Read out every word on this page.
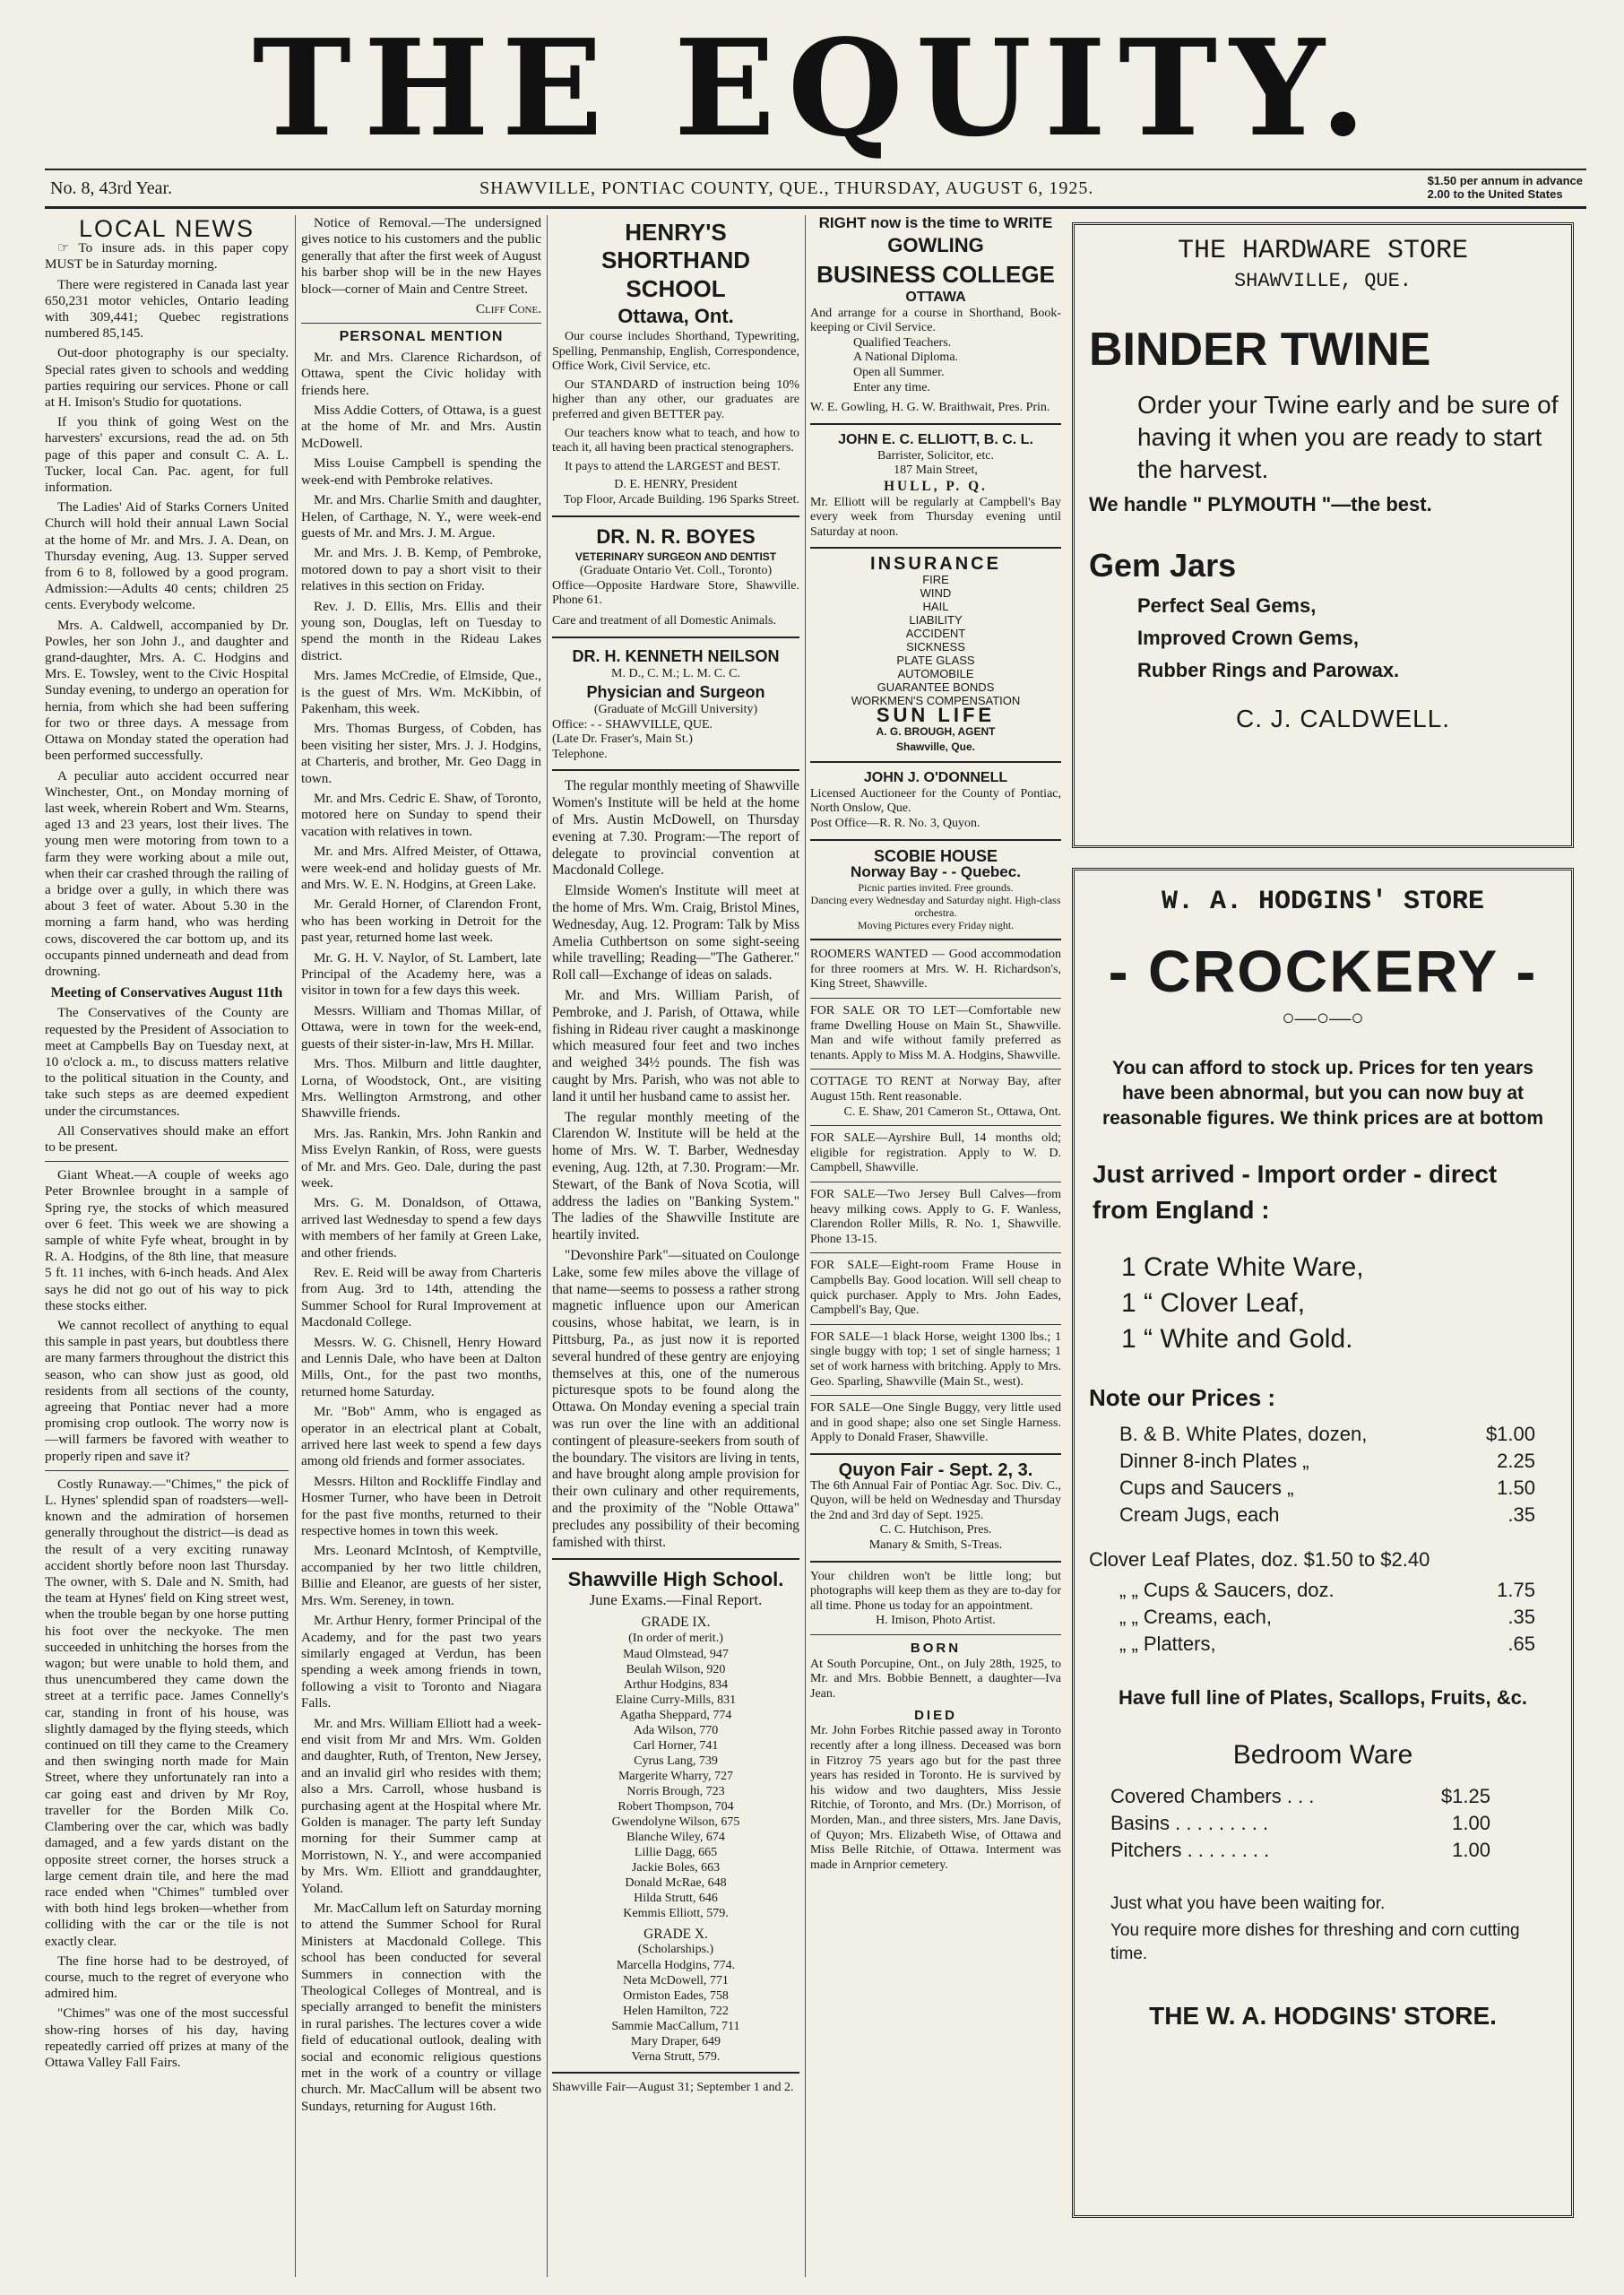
THE EQUITY.
No. 8, 43rd Year.	SHAWVILLE, PONTIAC COUNTY, QUE., THURSDAY, AUGUST 6, 1925.	$1.50 per annum in advance
2.00 to the United States
LOCAL NEWS

☞ To insure ads. in this paper copy MUST be in Saturday morning.

There were registered in Canada last year 650,231 motor vehicles, Ontario leading with 309,441; Quebec registrations numbered 85,145.

Out-door photography is our specialty. Special rates given to schools and wedding parties requiring our services. Phone or call at H. Imison's Studio for quotations.

If you think of going West on the harvesters' excursions, read the ad. on 5th page of this paper and consult C. A. L. Tucker, local Can. Pac. agent, for full information.

The Ladies' Aid of Starks Corners United Church will hold their annual Lawn Social at the home of Mr. and Mrs. J. A. Dean, on Thursday evening, Aug. 13. Supper served from 6 to 8, followed by a good program. Admission:—Adults 40 cents; children 25 cents. Everybody welcome.

Mrs. A. Caldwell, accompanied by Dr. Powles, her son John J., and daughter and grand-daughter, Mrs. A. C. Hodgins and Mrs. E. Towsley, went to the Civic Hospital Sunday evening, to undergo an operation for hernia, from which she had been suffering for two or three days. A message from Ottawa on Monday stated the operation had been performed successfully.

A peculiar auto accident occurred near Winchester, Ont., on Monday morning of last week, wherein Robert and Wm. Stearns, aged 13 and 23 years, lost their lives. The young men were motoring from town to a farm they were working about a mile out, when their car crashed through the railing of a bridge over a gully, in which there was about 3 feet of water. About 5.30 in the morning a farm hand, who was herding cows, discovered the car bottom up, and its occupants pinned underneath and dead from drowning.

Meeting of Conservatives August 11th

The Conservatives of the County are requested by the President of Association to meet at Campbells Bay on Tuesday next, at 10 o'clock a. m., to discuss matters relative to the political situation in the County, and take such steps as are deemed expedient under the circumstances.

All Conservatives should make an effort to be present.

Giant Wheat.—A couple of weeks ago Peter Brownlee brought in a sample of Spring rye, the stocks of which measured over 6 feet. This week we are showing a sample of white Fyfe wheat, brought in by R. A. Hodgins, of the 8th line, that measure 5 ft. 11 inches, with 6-inch heads. And Alex says he did not go out of his way to pick these stocks either.

We cannot recollect of anything to equal this sample in past years, but doubtless there are many farmers throughout the district this season, who can show just as good, old residents from all sections of the county, agreeing that Pontiac never had a more promising crop outlook. The worry now is—will farmers be favored with weather to properly ripen and save it?

Costly Runaway.—"Chimes," the pick of L. Hynes' splendid span of roadsters—well-known and the admiration of horsemen generally throughout the district—is dead as the result of a very exciting runaway accident shortly before noon last Thursday. The owner, with S. Dale and N. Smith, had the team at Hynes' field on King street west, when the trouble began by one horse putting his foot over the neckyoke. The men succeeded in unhitching the horses from the wagon; but were unable to hold them, and thus unencumbered they came down the street at a terrific pace. James Connelly's car, standing in front of his house, was slightly damaged by the flying steeds, which continued on till they came to the Creamery and then swinging north made for Main Street, where they unfortunately ran into a car going east and driven by Mr Roy, traveller for the Borden Milk Co. Clambering over the car, which was badly damaged, and a few yards distant on the opposite street corner, the horses struck a large cement drain tile, and here the mad race ended when "Chimes" tumbled over with both hind legs broken—whether from colliding with the car or the tile is not exactly clear.

The fine horse had to be destroyed, of course, much to the regret of everyone who admired him.

"Chimes" was one of the most successful show-ring horses of his day, having repeatedly carried off prizes at many of the Ottawa Valley Fall Fairs.

Notice of Removal.—The undersigned gives notice to his customers and the public generally that after the first week of August his barber shop will be in the new Hayes block—corner of Main and Centre Street.

Cliff Cone.
PERSONAL MENTION

Mr. and Mrs. Clarence Richardson, of Ottawa, spent the Civic holiday with friends here.

Miss Addie Cotters, of Ottawa, is a guest at the home of Mr. and Mrs. Austin McDowell.

Miss Louise Campbell is spending the week-end with Pembroke relatives.

Mr. and Mrs. Charlie Smith and daughter, Helen, of Carthage, N. Y., were week-end guests of Mr. and Mrs. J. M. Argue.

Mr. and Mrs. J. B. Kemp, of Pembroke, motored down to pay a short visit to their relatives in this section on Friday.

Rev. J. D. Ellis, Mrs. Ellis and their young son, Douglas, left on Tuesday to spend the month in the Rideau Lakes district.

Mrs. James McCredie, of Elmside, Que., is the guest of Mrs. Wm. McKibbin, of Pakenham, this week.

Mrs. Thomas Burgess, of Cobden, has been visiting her sister, Mrs. J. J. Hodgins, at Charteris, and brother, Mr. Geo Dagg in town.

Mr. and Mrs. Cedric E. Shaw, of Toronto, motored here on Sunday to spend their vacation with relatives in town.

Mr. and Mrs. Alfred Meister, of Ottawa, were week-end and holiday guests of Mr. and Mrs. W. E. N. Hodgins, at Green Lake.

Mr. Gerald Horner, of Clarendon Front, who has been working in Detroit for the past year, returned home last week.

Mr. G. H. V. Naylor, of St. Lambert, late Principal of the Academy here, was a visitor in town for a few days this week.

Messrs. William and Thomas Millar, of Ottawa, were in town for the week-end, guests of their sister-in-law, Mrs H. Millar.

Mrs. Thos. Milburn and little daughter, Lorna, of Woodstock, Ont., are visiting Mrs. Wellington Armstrong, and other Shawville friends.

Mrs. Jas. Rankin, Mrs. John Rankin and Miss Evelyn Rankin, of Ross, were guests of Mr. and Mrs. Geo. Dale, during the past week.

Mrs. G. M. Donaldson, of Ottawa, arrived last Wednesday to spend a few days with members of her family at Green Lake, and other friends.

Rev. E. Reid will be away from Charteris from Aug. 3rd to 14th, attending the Summer School for Rural Improvement at Macdonald College.

Messrs. W. G. Chisnell, Henry Howard and Lennis Dale, who have been at Dalton Mills, Ont., for the past two months, returned home Saturday.

Mr. "Bob" Amm, who is engaged as operator in an electrical plant at Cobalt, arrived here last week to spend a few days among old friends and former associates.

Messrs. Hilton and Rockliffe Findlay and Hosmer Turner, who have been in Detroit for the past five months, returned to their respective homes in town this week.

Mrs. Leonard McIntosh, of Kemptville, accompanied by her two little children, Billie and Eleanor, are guests of her sister, Mrs. Wm. Sereney, in town.

Mr. Arthur Henry, former Principal of the Academy, and for the past two years similarly engaged at Verdun, has been spending a week among friends in town, following a visit to Toronto and Niagara Falls.

Mr. and Mrs. William Elliott had a week-end visit from Mr and Mrs. Wm. Golden and daughter, Ruth, of Trenton, New Jersey, and an invalid girl who resides with them; also a Mrs. Carroll, whose husband is purchasing agent at the Hospital where Mr. Golden is manager. The party left Sunday morning for their Summer camp at Morristown, N. Y., and were accompanied by Mrs. Wm. Elliott and granddaughter, Yoland.

Mr. MacCallum left on Saturday morning to attend the Summer School for Rural Ministers at Macdonald College. This school has been conducted for several Summers in connection with the Theological Colleges of Montreal, and is specially arranged to benefit the ministers in rural parishes. The lectures cover a wide field of educational outlook, dealing with social and economic religious questions met in the work of a country or village church. Mr. MacCallum will be absent two Sundays, returning for August 16th.

HENRY'S
SHORTHAND SCHOOL
Ottawa, Ont.

Our course includes Shorthand, Typewriting, Spelling, Penmanship, English, Correspondence, Office Work, Civil Service, etc.

Our STANDARD of instruction being 10% higher than any other, our graduates are preferred and given BETTER pay.

Our teachers know what to teach, and how to teach it, all having been practical stenographers.

It pays to attend the LARGEST and BEST.

D. E. HENRY, President
Top Floor, Arcade Building. 196 Sparks Street.
DR. N. R. BOYES
VETERINARY SURGEON AND DENTIST
(Graduate Ontario Vet. Coll., Toronto)
Office—Opposite Hardware Store, Shawville. Phone 61.
Care and treatment of all Domestic Animals.
DR. H. KENNETH NEILSON
M. D., C. M.; L. M. C. C.
Physician and Surgeon
(Graduate of McGill University)
Office: - - SHAWVILLE, QUE.
(Late Dr. Fraser's, Main St.)
Telephone.

The regular monthly meeting of Shawville Women's Institute will be held at the home of Mrs. Austin McDowell, on Thursday evening at 7.30. Program:—The report of delegate to provincial convention at Macdonald College.

Elmside Women's Institute will meet at the home of Mrs. Wm. Craig, Bristol Mines, Wednesday, Aug. 12. Program: Talk by Miss Amelia Cuthbertson on some sight-seeing while travelling; Reading—"The Gatherer." Roll call—Exchange of ideas on salads.

Mr. and Mrs. William Parish, of Pembroke, and J. Parish, of Ottawa, while fishing in Rideau river caught a maskinonge which measured four feet and two inches and weighed 34½ pounds. The fish was caught by Mrs. Parish, who was not able to land it until her husband came to assist her.

The regular monthly meeting of the Clarendon W. Institute will be held at the home of Mrs. W. T. Barber, Wednesday evening, Aug. 12th, at 7.30. Program:—Mr. Stewart, of the Bank of Nova Scotia, will address the ladies on "Banking System." The ladies of the Shawville Institute are heartily invited.

"Devonshire Park"—situated on Coulonge Lake, some few miles above the village of that name—seems to possess a rather strong magnetic influence upon our American cousins, whose habitat, we learn, is in Pittsburg, Pa., as just now it is reported several hundred of these gentry are enjoying themselves at this, one of the numerous picturesque spots to be found along the Ottawa. On Monday evening a special train was run over the line with an additional contingent of pleasure-seekers from south of the boundary. The visitors are living in tents, and have brought along ample provision for their own culinary and other requirements, and the proximity of the "Noble Ottawa" precludes any possibility of their becoming famished with thirst.

Shawville High School.
June Exams.—Final Report.
GRADE IX.
(In order of merit.)
Maud Olmstead, 947
Beulah Wilson, 920
Arthur Hodgins, 834
Elaine Curry-Mills, 831
Agatha Sheppard, 774
Ada Wilson, 770
Carl Horner, 741
Cyrus Lang, 739
Margerite Wharry, 727
Norris Brough, 723
Robert Thompson, 704
Gwendolyne Wilson, 675
Blanche Wiley, 674
Lillie Dagg, 665
Jackie Boles, 663
Donald McRae, 648
Hilda Strutt, 646
Kemmis Elliott, 579.
GRADE X.
(Scholarships.)
Marcella Hodgins, 774.
Neta McDowell, 771
Ormiston Eades, 758
Helen Hamilton, 722
Sammie MacCallum, 711
Mary Draper, 649
Verna Strutt, 579.
Shawville Fair—August 31; September 1 and 2.
RIGHT now is the time to WRITE
GOWLING
BUSINESS COLLEGE
OTTAWA
And arrange for a course in Shorthand, Book-keeping or Civil Service.
Qualified Teachers.
A National Diploma.
Open all Summer.
Enter any time.
W. E. Gowling, H. G. W. Braithwait, Pres. Prin.
JOHN E. C. ELLIOTT, B. C. L.
Barrister, Solicitor, etc.
187 Main Street,
HULL, P. Q.
Mr. Elliott will be regularly at Campbell's Bay every week from Thursday evening until Saturday at noon.
INSURANCE
FIRE
WIND
HAIL
LIABILITY
ACCIDENT
SICKNESS
PLATE GLASS
AUTOMOBILE
GUARANTEE BONDS
WORKMEN'S COMPENSATION
SUN LIFE
A. G. BROUGH, AGENT
Shawville, Que.
JOHN J. O'DONNELL
Licensed Auctioneer for the County of Pontiac, North Onslow, Que.
Post Office—R. R. No. 3, Quyon.
SCOBIE HOUSE
Norway Bay - - Quebec.
Picnic parties invited. Free grounds.
Dancing every Wednesday and Saturday night. High-class orchestra.
Moving Pictures every Friday night.
ROOMERS WANTED — Good accommodation for three roomers at Mrs. W. H. Richardson's, King Street, Shawville.
FOR SALE OR TO LET—Comfortable new frame Dwelling House on Main St., Shawville. Man and wife without family preferred as tenants. Apply to Miss M. A. Hodgins, Shawville.
COTTAGE TO RENT at Norway Bay, after August 15th. Rent reasonable.
C. E. Shaw, 201 Cameron St., Ottawa, Ont.
FOR SALE—Ayrshire Bull, 14 months old; eligible for registration. Apply to W. D. Campbell, Shawville.
FOR SALE—Two Jersey Bull Calves—from heavy milking cows. Apply to G. F. Wanless, Clarendon Roller Mills, R. No. 1, Shawville. Phone 13-15.
FOR SALE—Eight-room Frame House in Campbells Bay. Good location. Will sell cheap to quick purchaser. Apply to Mrs. John Eades, Campbell's Bay, Que.
FOR SALE—1 black Horse, weight 1300 lbs.; 1 single buggy with top; 1 set of single harness; 1 set of work harness with britching. Apply to Mrs. Geo. Sparling, Shawville (Main St., west).
FOR SALE—One Single Buggy, very little used and in good shape; also one set Single Harness. Apply to Donald Fraser, Shawville.
Quyon Fair - Sept. 2, 3.
The 6th Annual Fair of Pontiac Agr. Soc. Div. C., Quyon, will be held on Wednesday and Thursday the 2nd and 3rd day of Sept. 1925.
C. C. Hutchison, Pres.
Manary & Smith, S-Treas.
Your children won't be little long; but photographs will keep them as they are to-day for all time. Phone us today for an appointment.
H. Imison, Photo Artist.
BORN
At South Porcupine, Ont., on July 28th, 1925, to Mr. and Mrs. Bobbie Bennett, a daughter—Iva Jean.
DIED
Mr. John Forbes Ritchie passed away in Toronto recently after a long illness. Deceased was born in Fitzroy 75 years ago but for the past three years has resided in Toronto. He is survived by his widow and two daughters, Miss Jessie Ritchie, of Toronto, and Mrs. (Dr.) Morrison, of Morden, Man., and three sisters, Mrs. Jane Davis, of Quyon; Mrs. Elizabeth Wise, of Ottawa and Miss Belle Ritchie, of Ottawa. Interment was made in Arnprior cemetery.
THE HARDWARE STORE
SHAWVILLE, QUE.
BINDER TWINE
Order your Twine early and be sure of having it when you are ready to start the harvest.
We handle " PLYMOUTH "—the best.
Gem Jars
Perfect Seal Gems,
Improved Crown Gems,
Rubber Rings and Parowax.
C. J. CALDWELL.
W. A. HODGINS' STORE
- CROCKERY -
○—○—○
You can afford to stock up. Prices for ten years have been abnormal, but you can now buy at reasonable figures. We think prices are at bottom
Just arrived - Import order - direct from England :
1 Crate White Ware,
1 “ Clover Leaf,
1 “ White and Gold.
Note our Prices :
B. & B. White Plates, dozen,	$1.00
Dinner 8-inch Plates „	2.25
Cups and Saucers „	1.50
Cream Jugs, each	.35
Clover Leaf Plates, doz. $1.50 to $2.40
„ „ Cups & Saucers, doz.	1.75
„ „ Creams, each,	.35
„ „ Platters,	.65
Have full line of Plates, Scallops, Fruits, &c.
Bedroom Ware
Covered Chambers . . .	$1.25
Basins . . . . . . . . .	1.00
Pitchers . . . . . . . .	1.00
Just what you have been waiting for.
You require more dishes for threshing and corn cutting time.
THE W. A. HODGINS' STORE.
